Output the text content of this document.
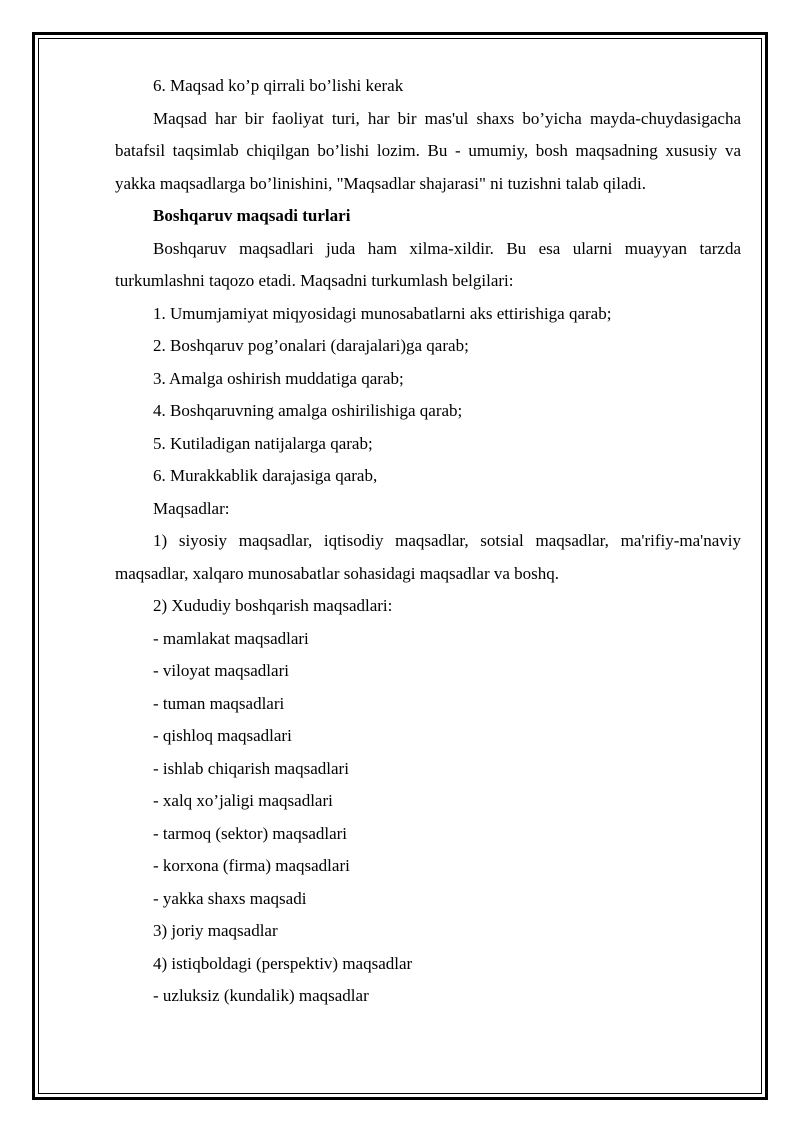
6. Maqsad ko’p qirrali bo’lishi kerak

Maqsad har bir faoliyat turi, har bir mas'ul shaxs bo’yicha mayda-chuydasigacha batafsil taqsimlab chiqilgan bo’lishi lozim. Bu - umumiy, bosh maqsadning xususiy va yakka maqsadlarga bo’linishini, "Maqsadlar shajarasi" ni tuzishni talab qiladi.

Boshqaruv maqsadi turlari

Boshqaruv maqsadlari juda ham xilma-xildir. Bu esa ularni muayyan tarzda turkumlashni taqozo etadi. Maqsadni turkumlash belgilari:

1. Umumjamiyat miqyosidagi munosabatlarni aks ettirishiga qarab;

2. Boshqaruv pog’onalari (darajalari)ga qarab;

3. Amalga oshirish muddatiga qarab;

4. Boshqaruvning amalga oshirilishiga qarab;

5. Kutiladigan natijalarga qarab;

6. Murakkablik darajasiga qarab,

Maqsadlar:

1) siyosiy maqsadlar, iqtisodiy maqsadlar, sotsial maqsadlar, ma'rifiy-ma'naviy maqsadlar, xalqaro munosabatlar sohasidagi maqsadlar va boshq.

2) Xududiy boshqarish maqsadlari:

- mamlakat maqsadlari

- viloyat maqsadlari

- tuman maqsadlari

- qishloq maqsadlari

- ishlab chiqarish maqsadlari

- xalq xo’jaligi maqsadlari

- tarmoq (sektor) maqsadlari

- korxona (firma) maqsadlari

- yakka shaxs maqsadi

3) joriy maqsadlar

4) istiqboldagi (perspektiv) maqsadlar

- uzluksiz (kundalik) maqsadlar
